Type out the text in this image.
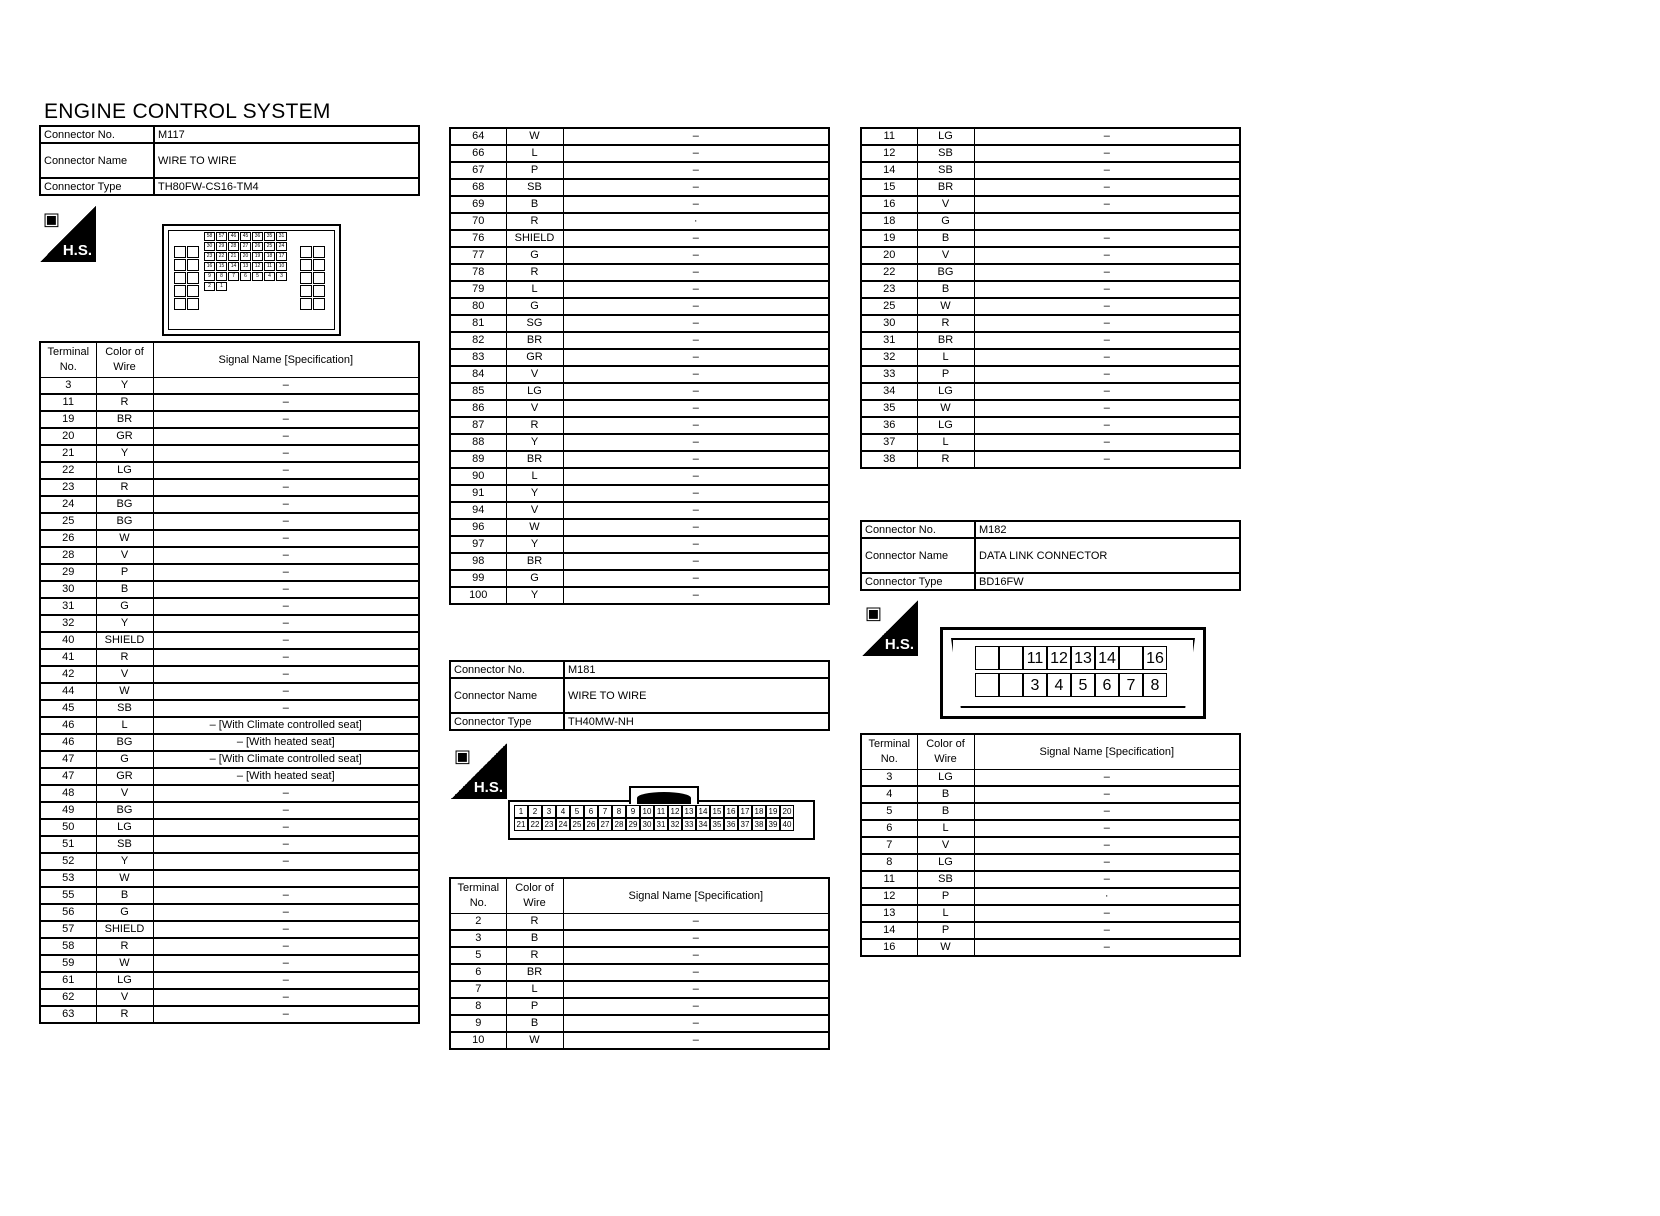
ENGINE CONTROL SYSTEM
Connector No.	M117
Connector Name	WIRE TO WIRE
Connector Type	TH80FW-CS16-TM4
▣
H.S.
58	57	46	45	36	35	31
30	29	28	27	26	25	24
23	22	21	20	19	18	17
16	15	14	13	12	11	10
9	8	7	6	5	4	3
2	1
Terminal No.	Color of Wire	Signal Name [Specification]
3	Y	–
11	R	–
19	BR	–
20	GR	–
21	Y	–
22	LG	–
23	R	–
24	BG	–
25	BG	–
26	W	–
28	V	–
29	P	–
30	B	–
31	G	–
32	Y	–
40	SHIELD	–
41	R	–
42	V	–
44	W	–
45	SB	–
46	L	– [With Climate controlled seat]
46	BG	– [With heated seat]
47	G	– [With Climate controlled seat]
47	GR	– [With heated seat]
48	V	–
49	BG	–
50	LG	–
51	SB	–
52	Y	–
53	W	
55	B	–
56	G	–
57	SHIELD	–
58	R	–
59	W	–
61	LG	–
62	V	–
63	R	–
64	W	–
66	L	–
67	P	–
68	SB	–
69	B	–
70	R	·
76	SHIELD	–
77	G	–
78	R	–
79	L	–
80	G	–
81	SG	–
82	BR	–
83	GR	–
84	V	–
85	LG	–
86	V	–
87	R	–
88	Y	–
89	BR	–
90	L	–
91	Y	–
94	V	–
96	W	–
97	Y	–
98	BR	–
99	G	–
100	Y	–
Connector No.	M181
Connector Name	WIRE TO WIRE
Connector Type	TH40MW-NH
▣
H.S.
1	2	3	4	5	6	7	8	9 10 11 12 13 14 15 16 17 18 19 20
21 22 23 24 25 26 27 28 29 30 31 32 33 34 35 36 37 38 39 40
Terminal No.	Color of Wire	Signal Name [Specification]
2	R	–
3	B	–
5	R	–
6	BR	–
7	L	–
8	P	–
9	B	–
10	W	–
11	LG	–
12	SB	–
14	SB	–
15	BR	–
16	V	–
18	G	
19	B	–
20	V	–
22	BG	–
23	B	–
25	W	–
30	R	–
31	BR	–
32	L	–
33	P	–
34	LG	–
35	W	–
36	LG	–
37	L	–
38	R	–
Connector No.	M182
Connector Name	DATA LINK CONNECTOR
Connector Type	BD16FW
▣
H.S.
11 12 13 14 16
3 4 5 6 7 8
Terminal No.	Color of Wire	Signal Name [Specification]
3	LG	–
4	B	–
5	B	–
6	L	–
7	V	–
8	LG	–
11	SB	–
12	P	·
13	L	–
14	P	–
16	W	–
